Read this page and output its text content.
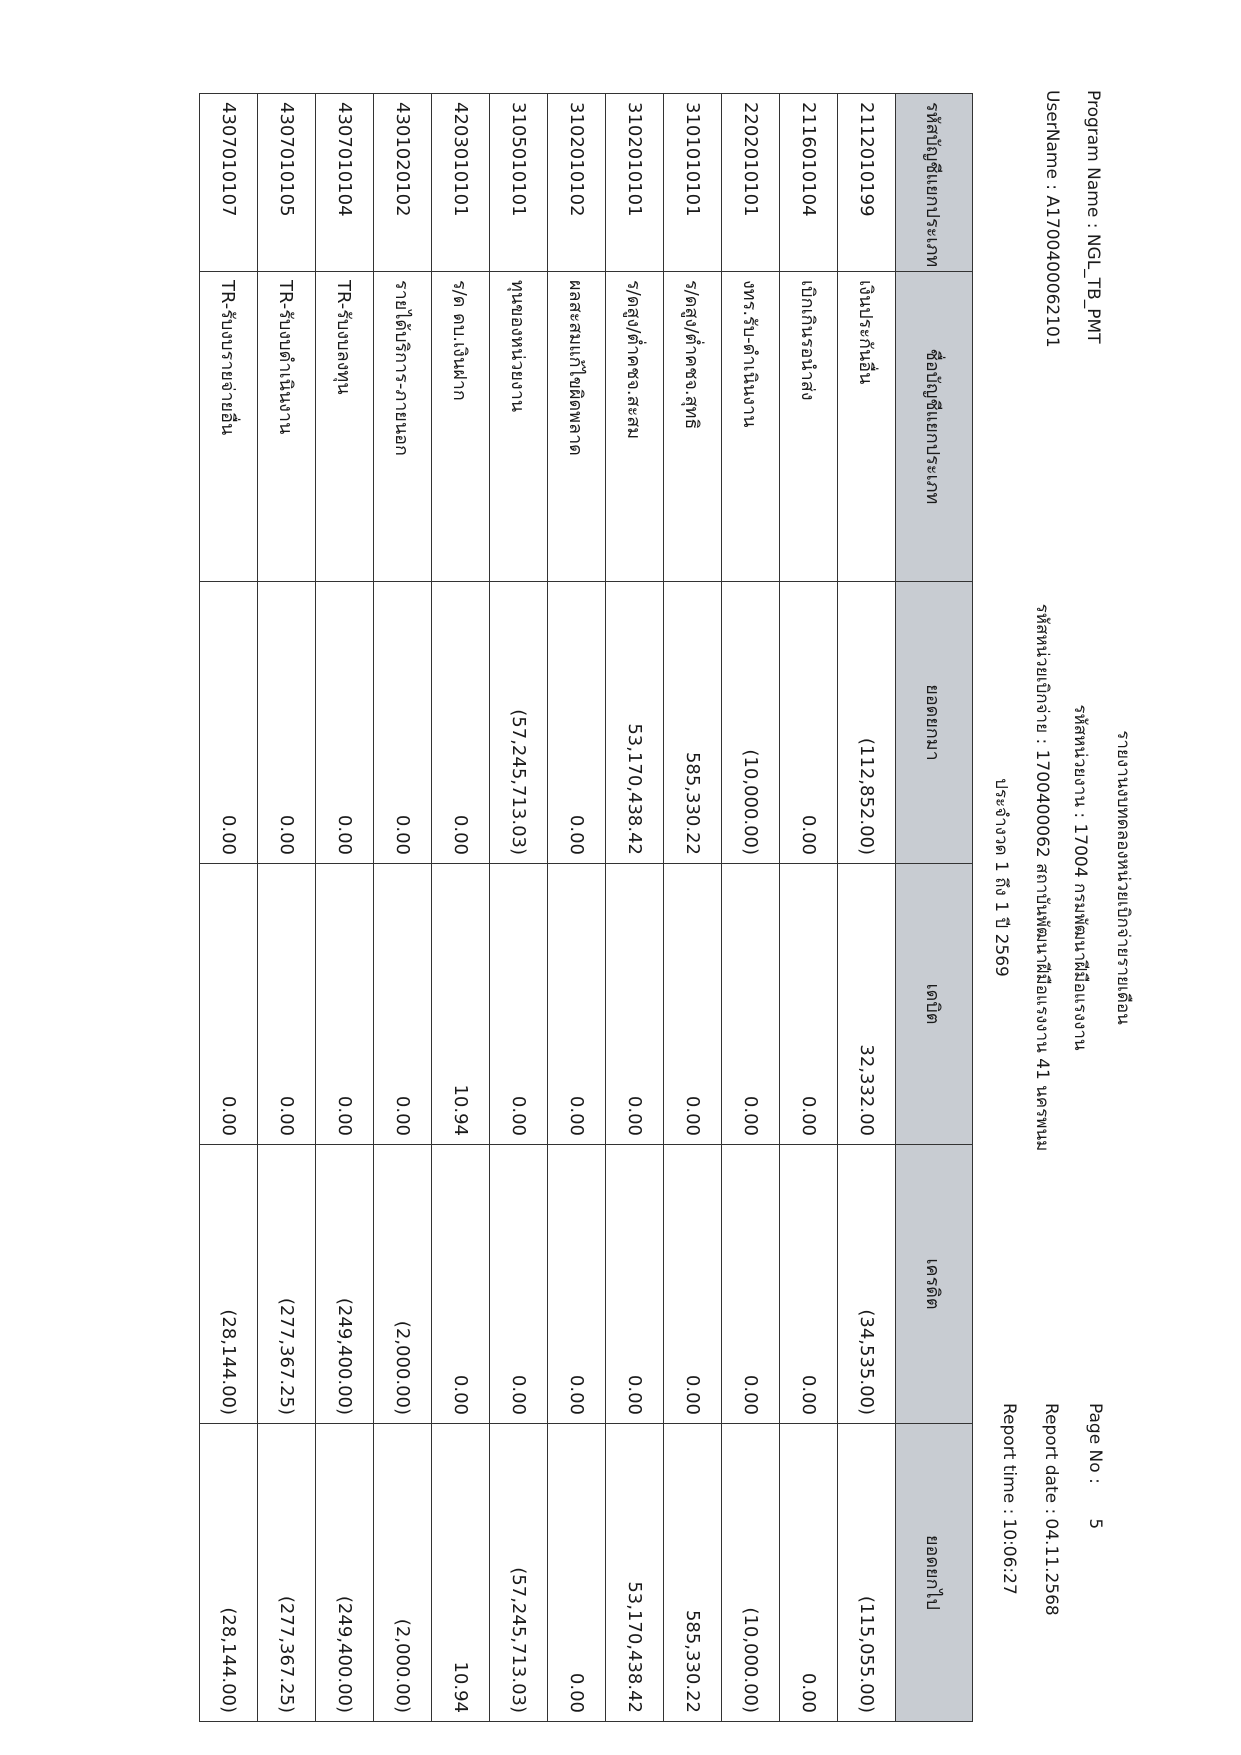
Program Name : NGL_TB_PMT
UserName : A1700400062101
รายงานงบทดลองหน่วยเบิกจ่ายรายเดือน
รหัสหน่วยงาน : 17004 กรมพัฒนาฝีมือแรงงาน
รหัสหน่วยเบิกจ่าย : 1700400062 สถาบันพัฒนาฝีมือแรงงาน 41 นครพนม
ประจำงวด 1 ถึง 1 ปี 2569
Page No : 5
Report date : 04.11.2568
Report time : 10:06:27
รหัสบัญชีแยกประเภท	ชื่อบัญชีแยกประเภท	ยอดยกมา	เดบิต	เครดิต	ยอดยกไป
2112010199	เงินประกันอื่น	(112,852.00)	32,332.00	(34,535.00)	(115,055.00)
2116010104	เบิกเกินรอนำส่ง	0.00	0.00	0.00	0.00
2202010101	งทร.รับ-ดำเนินงาน	(10,000.00)	0.00	0.00	(10,000.00)
3101010101	ร/ดสูง/ต่ำคชจ.สุทธิ	585,330.22	0.00	0.00	585,330.22
3102010101	ร/ดสูง/ต่ำคชจ.สะสม	53,170,438.42	0.00	0.00	53,170,438.42
3102010102	ผลสะสมแก้ไขผิดพลาด	0.00	0.00	0.00	0.00
3105010101	ทุนของหน่วยงาน	(57,245,713.03)	0.00	0.00	(57,245,713.03)
4203010101	ร/ด ดบ.เงินฝาก	0.00	10.94	0.00	10.94
4301020102	รายได้บริการ-ภายนอก	0.00	0.00	(2,000.00)	(2,000.00)
4307010104	TR-รับงบลงทุน	0.00	0.00	(249,400.00)	(249,400.00)
4307010105	TR-รับงบดำเนินงาน	0.00	0.00	(277,367.25)	(277,367.25)
4307010107	TR-รับงบรายจ่ายอื่น	0.00	0.00	(28,144.00)	(28,144.00)
